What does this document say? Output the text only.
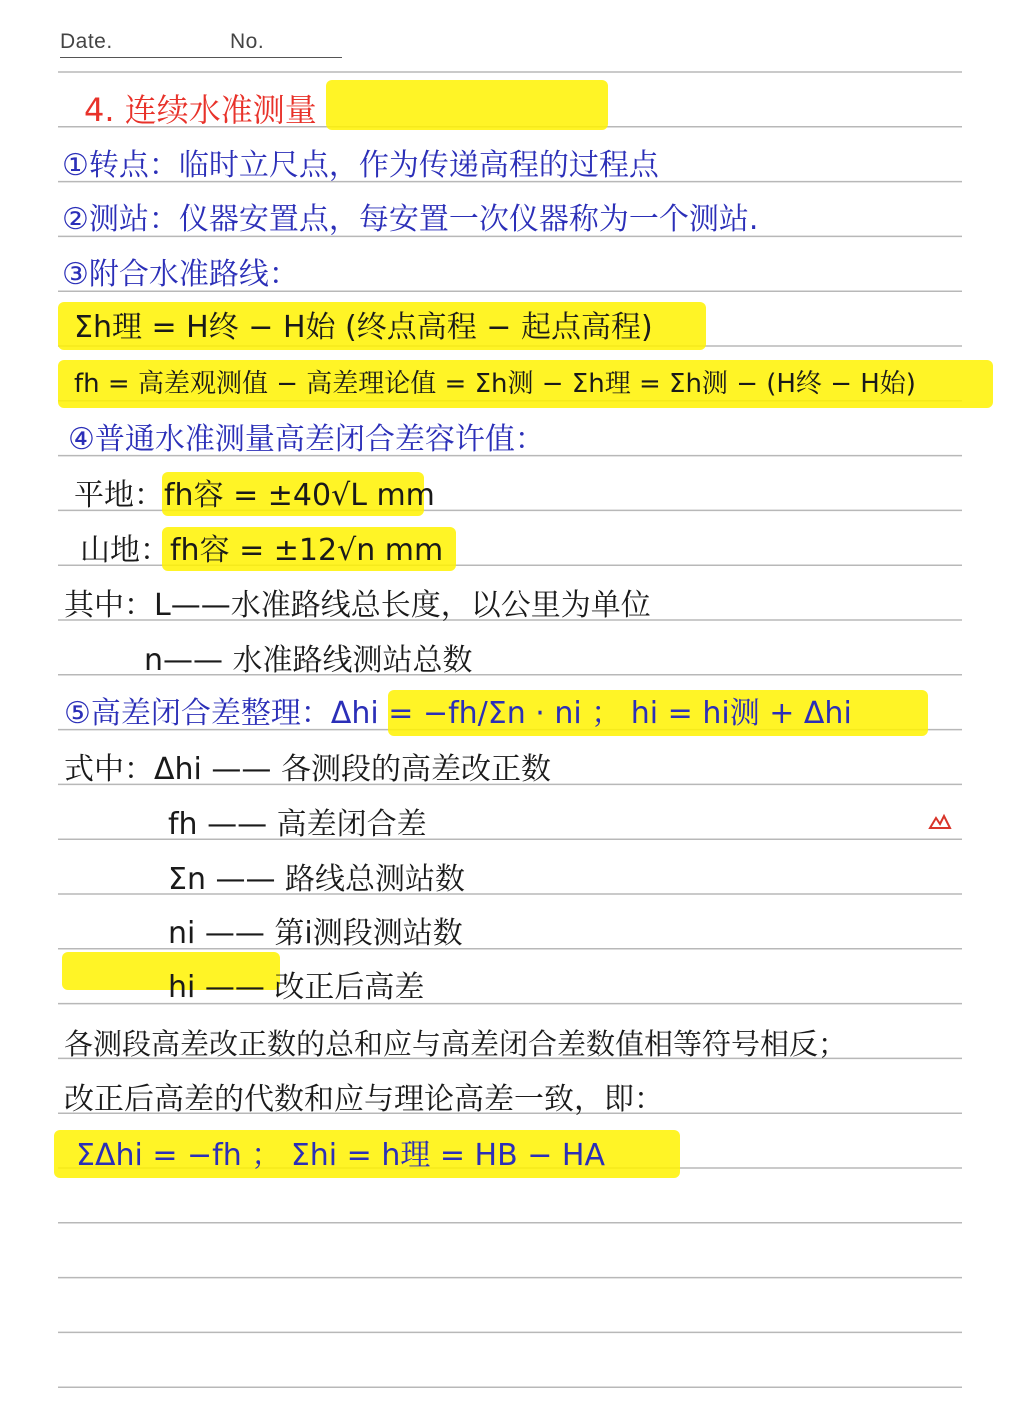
Date.	No.
4. 连续水准测量
①转点：临时立尺点，作为传递高程的过程点
②测站：仪器安置点，每安置一次仪器称为一个测站.
③附合水准路线：
Σh理 = H终 − H始 (终点高程 − 起点高程)
fh = 高差观测值 − 高差理论值 = Σh测 − Σh理 = Σh测 − (H终 − H始)
④普通水准测量高差闭合差容许值：
平地：fh容 = ±40√L mm
山地：fh容 = ±12√n mm
其中：L——水准路线总长度，以公里为单位
n—— 水准路线测站总数
⑤高差闭合差整理：Δhi = −fh/Σn · ni ； hi = hi测 + Δhi
式中：Δhi —— 各测段的高差改正数
fh —— 高差闭合差
Σn —— 路线总测站数
ni —— 第i测段测站数
hi —— 改正后高差
各测段高差改正数的总和应与高差闭合差数值相等符号相反；
改正后高差的代数和应与理论高差一致，即：
ΣΔhi = −fh ； Σhi = h理 = HB − HA
